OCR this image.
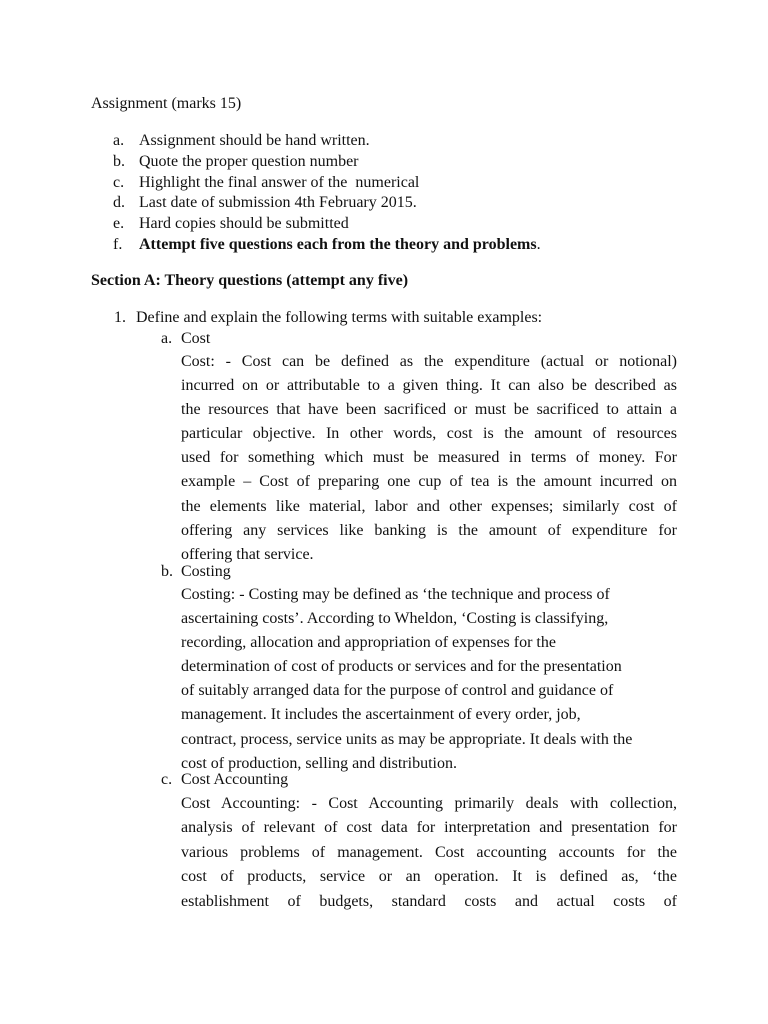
Assignment (marks 15)
a. Assignment should be hand written.
b. Quote the proper question number
c. Highlight the final answer of the  numerical
d. Last date of submission 4th February 2015.
e. Hard copies should be submitted
f. Attempt five questions each from the theory and problems.
Section A: Theory questions (attempt any five)
1. Define and explain the following terms with suitable examples:
a. Cost
Cost: - Cost can be defined as the expenditure (actual or notional)
incurred on or attributable to a given thing. It can also be described as
the resources that have been sacrificed or must be sacrificed to attain a
particular objective. In other words, cost is the amount of resources
used for something which must be measured in terms of money. For
example – Cost of preparing one cup of tea is the amount incurred on
the elements like material, labor and other expenses; similarly cost of
offering any services like banking is the amount of expenditure for
offering that service.
b. Costing
Costing: - Costing may be defined as ‘the technique and process of
ascertaining costs’. According to Wheldon, ‘Costing is classifying,
recording, allocation and appropriation of expenses for the
determination of cost of products or services and for the presentation
of suitably arranged data for the purpose of control and guidance of
management. It includes the ascertainment of every order, job,
contract, process, service units as may be appropriate. It deals with the
cost of production, selling and distribution.
c. Cost Accounting
Cost Accounting: - Cost Accounting primarily deals with collection,
analysis of relevant of cost data for interpretation and presentation for
various problems of management. Cost accounting accounts for the
cost of products, service or an operation. It is defined as, ‘the
establishment of budgets, standard costs and actual costs of
